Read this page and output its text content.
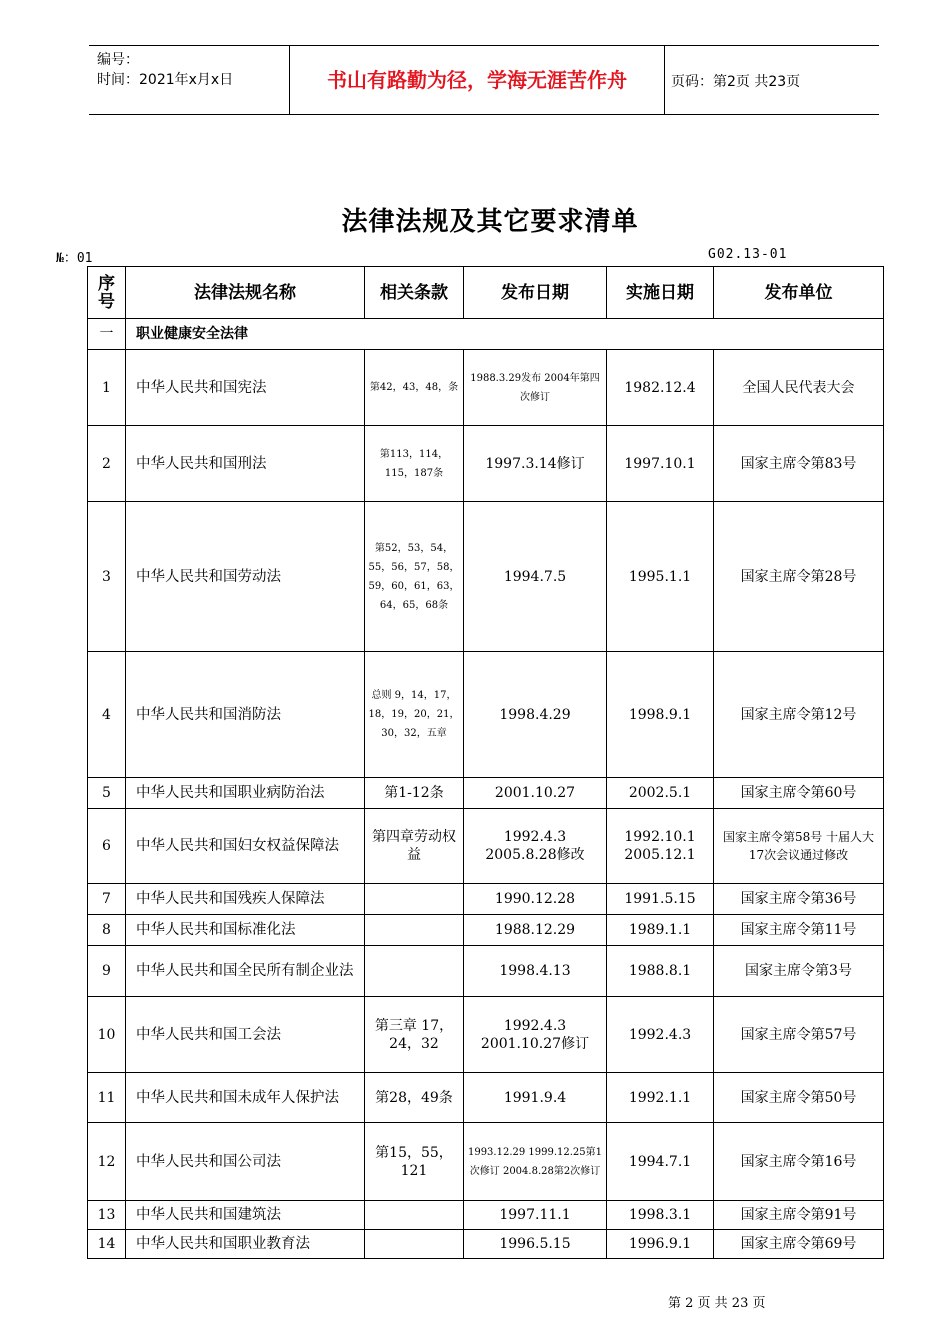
编号：
时间：2021年x月x日	书山有路勤为径，学海无涯苦作舟	页码：第2页 共23页
法律法规及其它要求清单
№：01	G02.13-01
序号	法律法规名称	相关条款	发布日期	实施日期	发布单位
一	职业健康安全法律				
1	中华人民共和国宪法	第42，43，48，条	1988.3.29发布 2004年第四次修订	1982.12.4	全国人民代表大会
2	中华人民共和国刑法	第113，114，115，187条	1997.3.14修订	1997.10.1	国家主席令第83号
3	中华人民共和国劳动法	第52，53，54，55，56，57，58，59，60，61，63，64，65，68条	1994.7.5	1995.1.1	国家主席令第28号
4	中华人民共和国消防法	总则 9，14，17，18，19，20，21，30，32，五章	1998.4.29	1998.9.1	国家主席令第12号
5	中华人民共和国职业病防治法	第1-12条	2001.10.27	2002.5.1	国家主席令第60号
6	中华人民共和国妇女权益保障法	第四章劳动权益	1992.4.3 2005.8.28修改	1992.10.1 2005.12.1	国家主席令第58号 十届人大17次会议通过修改
7	中华人民共和国残疾人保障法		1990.12.28	1991.5.15	国家主席令第36号
8	中华人民共和国标准化法		1988.12.29	1989.1.1	国家主席令第11号
9	中华人民共和国全民所有制企业法		1998.4.13	1988.8.1	国家主席令第3号
10	中华人民共和国工会法	第三章 17，24，32	1992.4.3 2001.10.27修订	1992.4.3	国家主席令第57号
11	中华人民共和国未成年人保护法	第28，49条	1991.9.4	1992.1.1	国家主席令第50号
12	中华人民共和国公司法	第15，55，121	1993.12.29 1999.12.25第1次修订 2004.8.28第2次修订	1994.7.1	国家主席令第16号
13	中华人民共和国建筑法		1997.11.1	1998.3.1	国家主席令第91号
14	中华人民共和国职业教育法		1996.5.15	1996.9.1	国家主席令第69号
第 2 页 共 23 页
